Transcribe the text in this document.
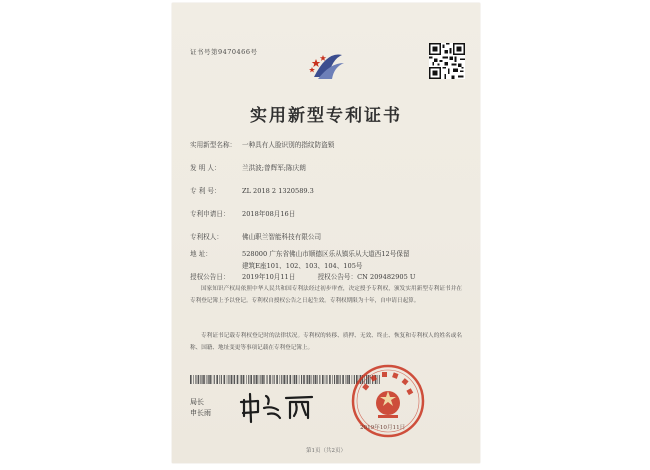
证书号第9470466号
实用新型专利证书
实用新型名称： 一种具有人脸识别的指纹防盗锁
发 明 人：	兰洪波;曾辉军;陈庆朗
专 利 号：	ZL 2018 2 1320589.3
专利申请日： 2018年08月16日
专利权人：	佛山职兰智能科技有限公司
地 址：	528000 广东省佛山市顺德区乐从镇乐从大道西12号保留
建筑E座101、102、103、104、105号
授权公告日： 2019年10月11日	授权公告号：CN 209482905 U
国家知识产权局依照中华人民共和国专利法经过初步审查，决定授予专利权，颁发实用新型专利证书并在专利登记簿上予以登记。专利权自授权公告之日起生效。专利权期限为十年，自申请日起算。
专利证书记载专利权登记时的法律状况。专利权的转移、质押、无效、终止、恢复和专利权人的姓名或名称、国籍、地址变更等事项记载在专利登记簿上。
局长
申长雨
2019年10月11日
第1页（共2页）
